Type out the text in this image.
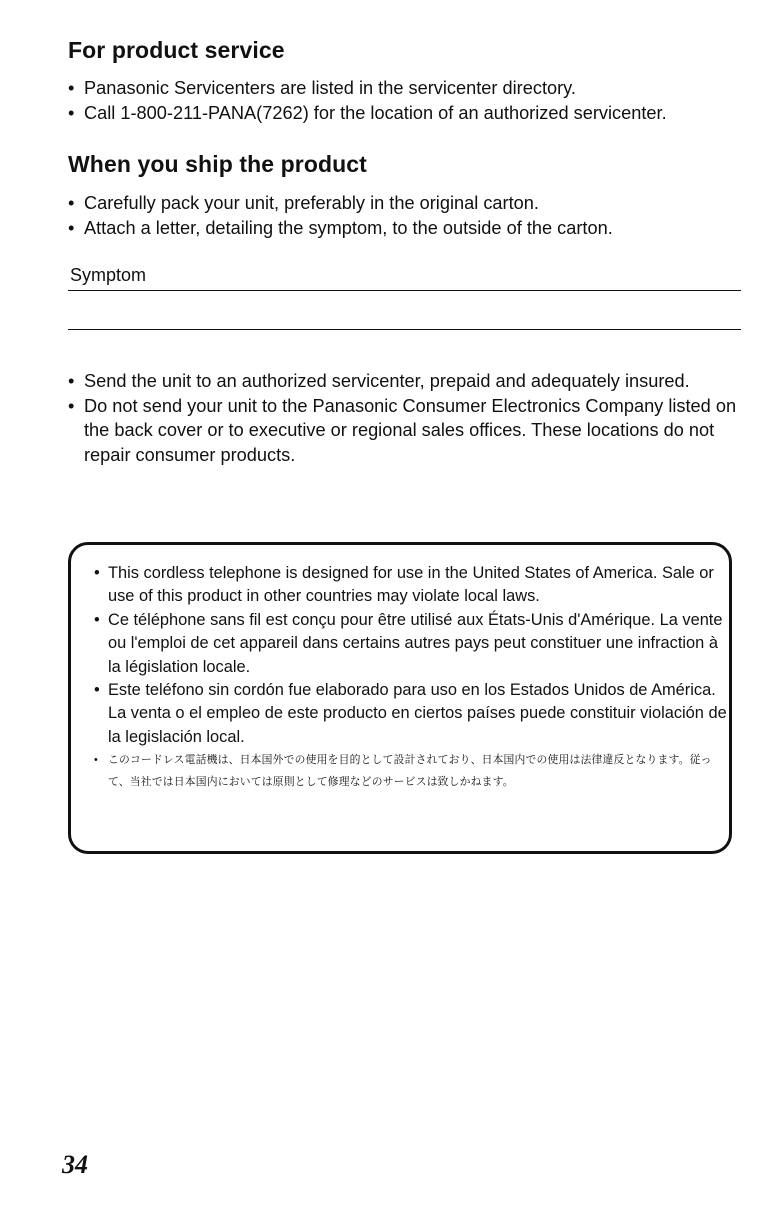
For product service
• Panasonic Servicenters are listed in the servicenter directory.
• Call 1-800-211-PANA(7262) for the location of an authorized servicenter.
When you ship the product
• Carefully pack your unit, preferably in the original carton.
• Attach a letter, detailing the symptom, to the outside of the carton.
Symptom
• Send the unit to an authorized servicenter, prepaid and adequately insured.
• Do not send your unit to the Panasonic Consumer Electronics Company listed on the back cover or to executive or regional sales offices. These locations do not repair consumer products.
• This cordless telephone is designed for use in the United States of America. Sale or use of this product in other countries may violate local laws.
• Ce téléphone sans fil est conçu pour être utilisé aux États-Unis d'Amérique. La vente ou l'emploi de cet appareil dans certains autres pays peut constituer une infraction à la législation locale.
• Este teléfono sin cordón fue elaborado para uso en los Estados Unidos de América. La venta o el empleo de este producto en ciertos países puede constituir violación de la legislación local.
• このコードレス電話機は、日本国外での使用を目的として設計されており、日本国内での使用は法律違反となります。従って、当社では日本国内においては原則として修理などのサービスは致しかねます。
34
